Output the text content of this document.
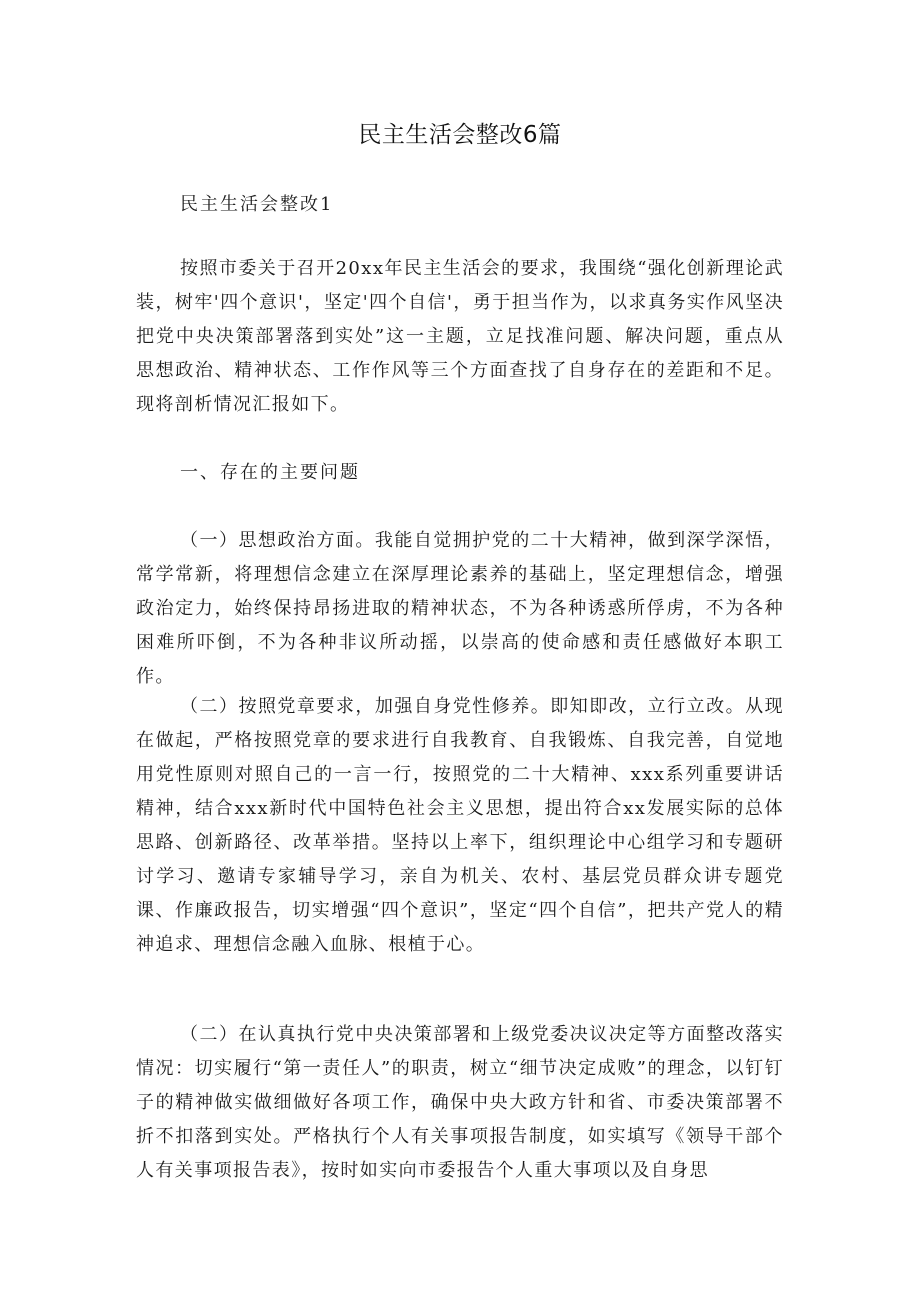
民主生活会整改6篇
民主生活会整改1

按照市委关于召开20xx年民主生活会的要求，我围绕“强化创新理论武装，树牢'四个意识'，坚定'四个自信'，勇于担当作为，以求真务实作风坚决把党中央决策部署落到实处”这一主题，立足找准问题、解决问题，重点从思想政治、精神状态、工作作风等三个方面查找了自身存在的差距和不足。现将剖析情况汇报如下。

一、存在的主要问题

（一）思想政治方面。我能自觉拥护党的二十大精神，做到深学深悟，常学常新，将理想信念建立在深厚理论素养的基础上，坚定理想信念，增强政治定力，始终保持昂扬进取的精神状态，不为各种诱惑所俘虏，不为各种困难所吓倒，不为各种非议所动摇，以崇高的使命感和责任感做好本职工作。

（二）按照党章要求，加强自身党性修养。即知即改，立行立改。从现在做起，严格按照党章的要求进行自我教育、自我锻炼、自我完善，自觉地用党性原则对照自己的一言一行，按照党的二十大精神、xxx系列重要讲话精神，结合xxx新时代中国特色社会主义思想，提出符合xx发展实际的总体思路、创新路径、改革举措。坚持以上率下，组织理论中心组学习和专题研讨学习、邀请专家辅导学习，亲自为机关、农村、基层党员群众讲专题党课、作廉政报告，切实增强“四个意识”，坚定“四个自信”，把共产党人的精神追求、理想信念融入血脉、根植于心。

（二）在认真执行党中央决策部署和上级党委决议决定等方面整改落实情况：切实履行“第一责任人”的职责，树立“细节决定成败”的理念，以钉钉子的精神做实做细做好各项工作，确保中央大政方针和省、市委决策部署不折不扣落到实处。严格执行个人有关事项报告制度，如实填写《领导干部个人有关事项报告表》，按时如实向市委报告个人重大事项以及自身思
